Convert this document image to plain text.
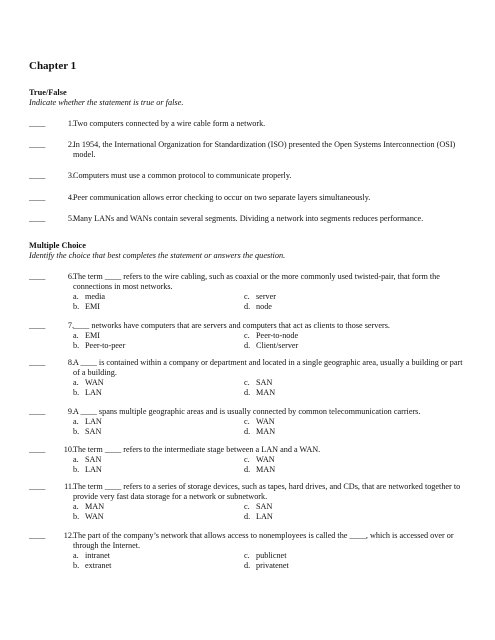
Chapter 1
True/False
Indicate whether the statement is true or false.
____	1. Two computers connected by a wire cable form a network.
____	2. In 1954, the International Organization for Standardization (ISO) presented the Open Systems Interconnection (OSI) model.
____	3. Computers must use a common protocol to communicate properly.
____	4. Peer communication allows error checking to occur on two separate layers simultaneously.
____	5. Many LANs and WANs contain several segments. Dividing a network into segments reduces performance.
Multiple Choice
Identify the choice that best completes the statement or answers the question.
____	6. The term ____ refers to the wire cabling, such as coaxial or the more commonly used twisted-pair, that form the connections in most networks.
a. media
b. EMI
c. server
d. node
____	7. ____ networks have computers that are servers and computers that act as clients to those servers.
a. EMI
b. Peer-to-peer
c. Peer-to-node
d. Client/server
____	8. A ____ is contained within a company or department and located in a single geographic area, usually a building or part of a building.
a. WAN
b. LAN
c. SAN
d. MAN
____	9. A ____ spans multiple geographic areas and is usually connected by common telecommunication carriers.
a. LAN
b. SAN
c. WAN
d. MAN
____	10. The term ____ refers to the intermediate stage between a LAN and a WAN.
a. SAN
b. LAN
c. WAN
d. MAN
____	11. The term ____ refers to a series of storage devices, such as tapes, hard drives, and CDs, that are networked together to provide very fast data storage for a network or subnetwork.
a. MAN
b. WAN
c. SAN
d. LAN
____	12. The part of the company’s network that allows access to nonemployees is called the ____, which is accessed over or through the Internet.
a. intranet
b. extranet
c. publicnet
d. privatenet
